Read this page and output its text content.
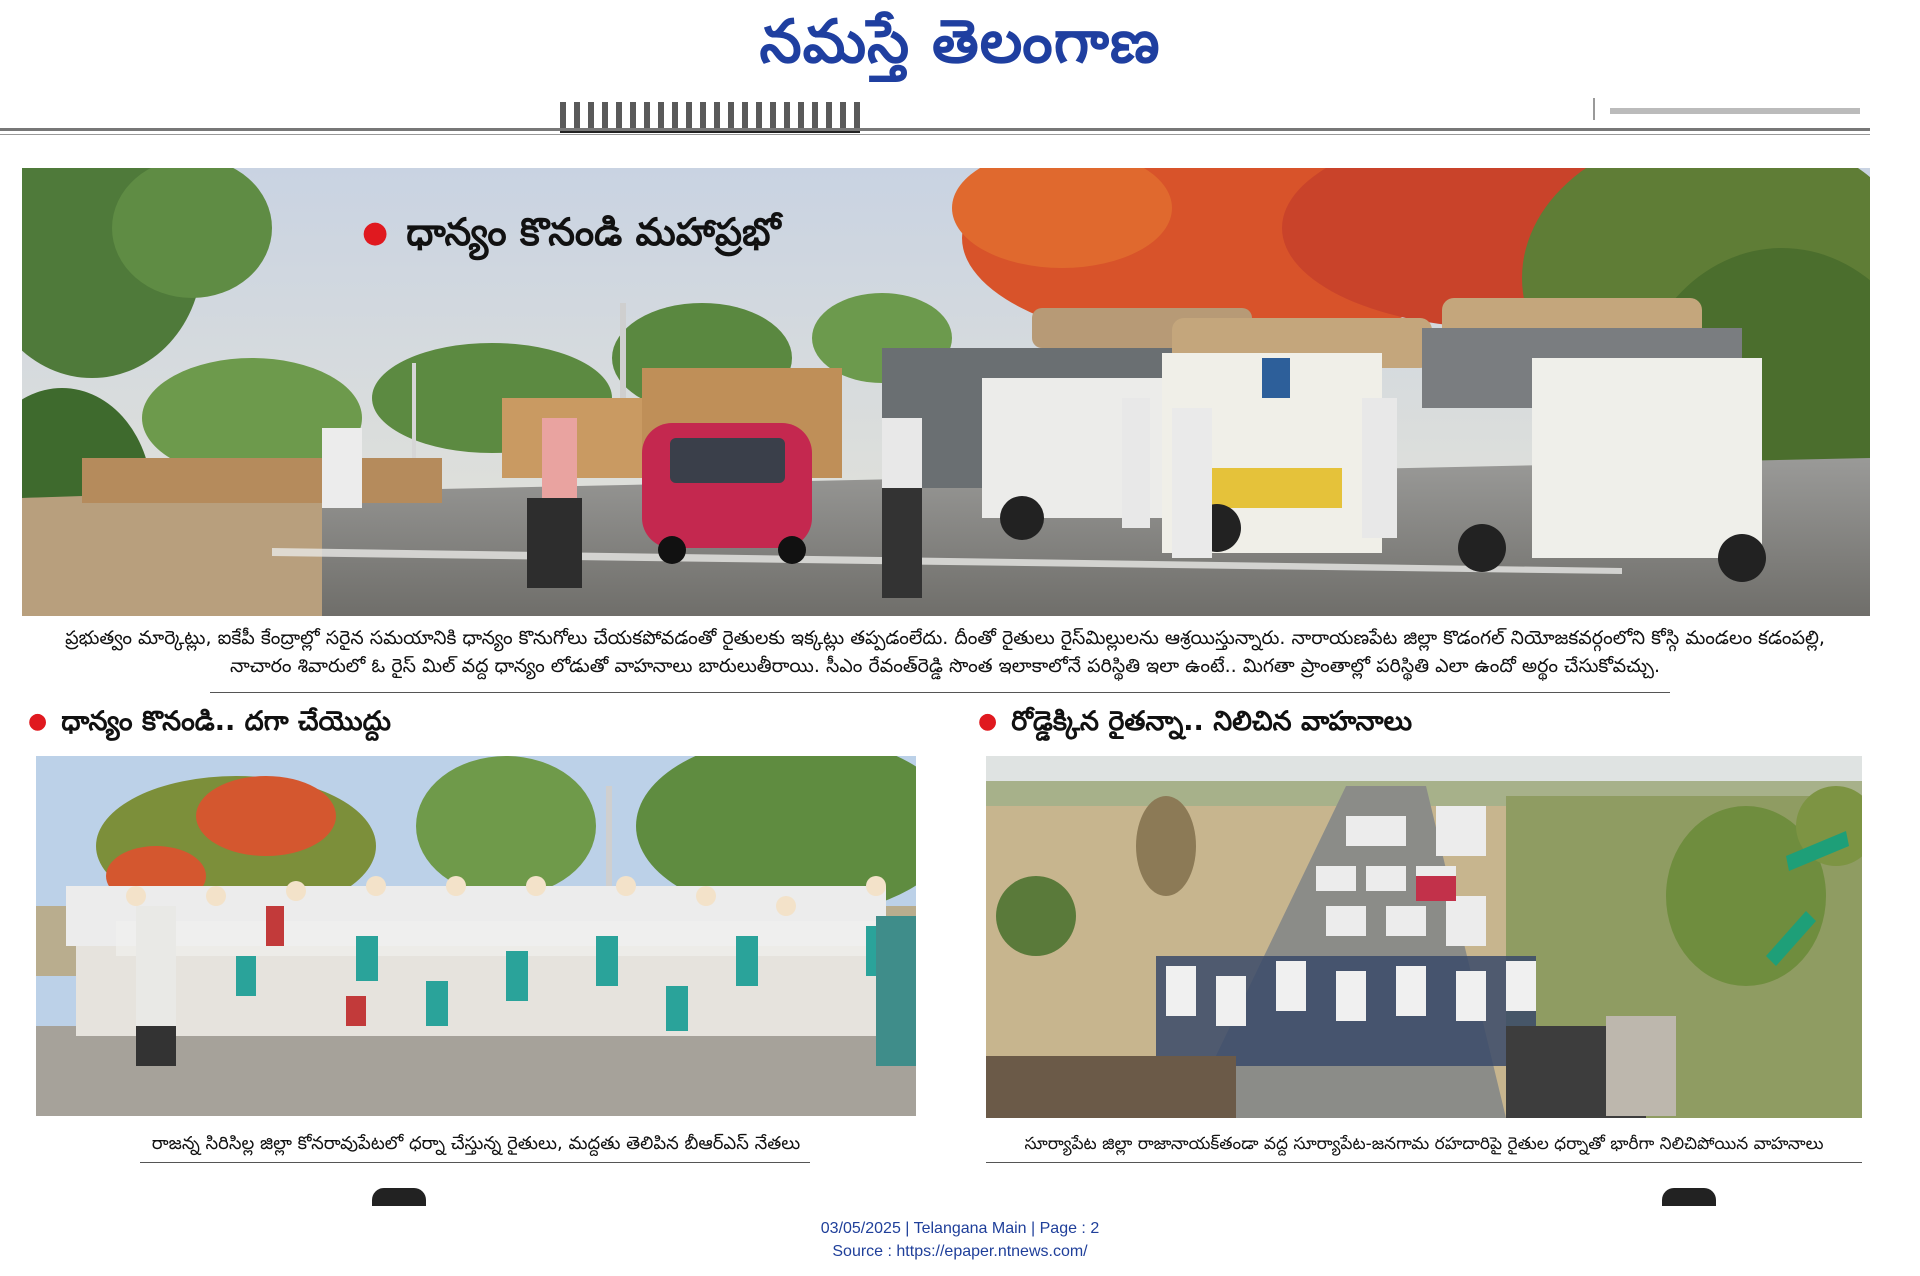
నమస్తే తెలంగాణ
● ధాన్యం కొనండి మహాప్రభో
ప్రభుత్వం మార్కెట్లు, ఐకేపీ కేంద్రాల్లో సరైన సమయానికి ధాన్యం కొనుగోలు చేయకపోవడంతో రైతులకు ఇక్కట్లు తప్పడంలేదు. దీంతో రైతులు రైస్‌మిల్లులను ఆశ్రయిస్తున్నారు. నారాయణపేట జిల్లా కొడంగల్ నియోజకవర్గంలోని కోస్గి మండలం కడంపల్లి,
నాచారం శివారులో ఓ రైస్ మిల్ వద్ద ధాన్యం లోడుతో వాహనాలు బారులుతీరాయి. సీఎం రేవంత్‌రెడ్డి సొంత ఇలాకాలోనే పరిస్థితి ఇలా ఉంటే.. మిగతా ప్రాంతాల్లో పరిస్థితి ఎలా ఉందో అర్థం చేసుకోవచ్చు.
● ధాన్యం కొనండి.. దగా చేయొద్దు	● రోడ్డెక్కిన రైతన్నా.. నిలిచిన వాహనాలు
రాజన్న సిరిసిల్ల జిల్లా కోనరావుపేటలో ధర్నా చేస్తున్న రైతులు, మద్దతు తెలిపిన బీఆర్‌ఎస్ నేతలు	సూర్యాపేట జిల్లా రాజానాయక్‌తండా వద్ద సూర్యాపేట-జనగామ రహదారిపై రైతుల ధర్నాతో భారీగా నిలిచిపోయిన వాహనాలు
03/05/2025 | Telangana Main | Page : 2
Source : https://epaper.ntnews.com/
